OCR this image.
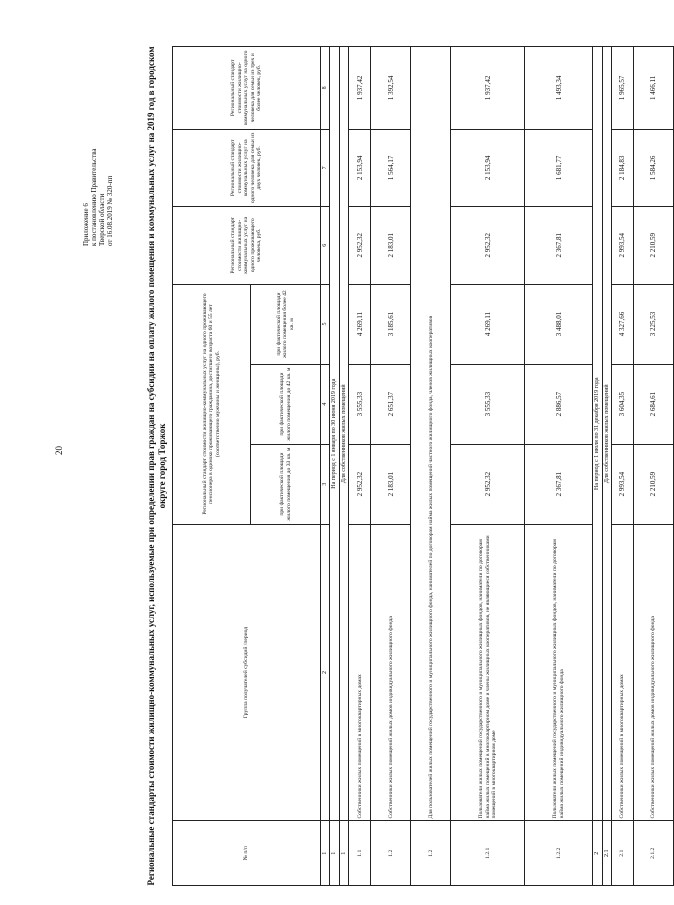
20
Приложение 6 к постановлению Правительства Тверской области от 16.08.2019 № 320-пп	Региональные стандарты стоимости жилищно-коммунальных услуг, используемые при определении прав граждан на субсидии на оплату жилого помещения и коммунальных услуг на 2019 год в городском округе город Торжок
№ п/п	Группа получателей субсидий /период	Региональный стандарт стоимости жилищно-коммунальных услуг на одного проживающего пенсионера в одиноко проживающего гражданина, достигшего возраста 60 и 55 лет (соответственно мужчины и женщины), руб.			Региональный стандарт стоимости жилищно-коммунальных услуг на одного проживающего человека, руб.	Региональный стандарт стоимости жилищно-коммунальных услуг на одного человека для семьи из двух человек, руб.	Региональный стандарт стоимости жилищно-коммунальных услуг на одного человека для семьи из трех и более человек, руб.
		при фактической площади жилого помещения до 33 кв. м	при фактической площади жилого помещения до 42 кв. м	при фактической площади жилого помещения более 42 кв. м			
1	2	3	4	5	6	7	8
1	На период с 1 января по 30 июня 2019 года						
1	Для собственников жилых помещений						
1.1	Собственники жилых помещений в многоквартирных домах	2 952,32	3 555,33	4 269,11	2 952,32	2 153,94	1 937,42
1.2	Собственники жилых помещений жилых домов индивидуального жилищного фонда	2 183,01	2 651,37	3 185,61	2 183,01	1 564,17	1 392,54
1.2	Для пользователей жилых помещений государственного и муниципального жилищного фонда, нанимателей по договорам найма жилых помещений частного жилищного фонда, членов жилищных кооперативов						
1.2.1	Пользователи жилых помещений государственного и муниципального жилищных фондов, наниматели по договорам найма жилых помещений в многоквартирном доме и члены жилищных кооперативов, не являющиеся собственниками помещений в многоквартирном доме	2 952,32	3 555,33	4 269,11	2 952,32	2 153,94	1 937,42
1.2.2	Пользователи жилых помещений государственного и муниципального жилищных фондов, наниматели по договорам найма жилых помещений индивидуального жилищного фонда	2 367,81	2 886,57	3 488,01	2 367,81	1 681,77	1 493,34
2	На период с 1 июля по 31 декабря 2019 года						
2.1	Для собственников жилых помещений						
2.1	Собственники жилых помещений в многоквартирных домах	2 993,54	3 604,35	4 327,66	2 993,54	2 184,83	1 965,57
2.1.2	Собственники жилых помещений жилых домов индивидуального жилищного фонда	2 210,59	2 684,61	3 225,53	2 210,59	1 584,26	1 466,11
